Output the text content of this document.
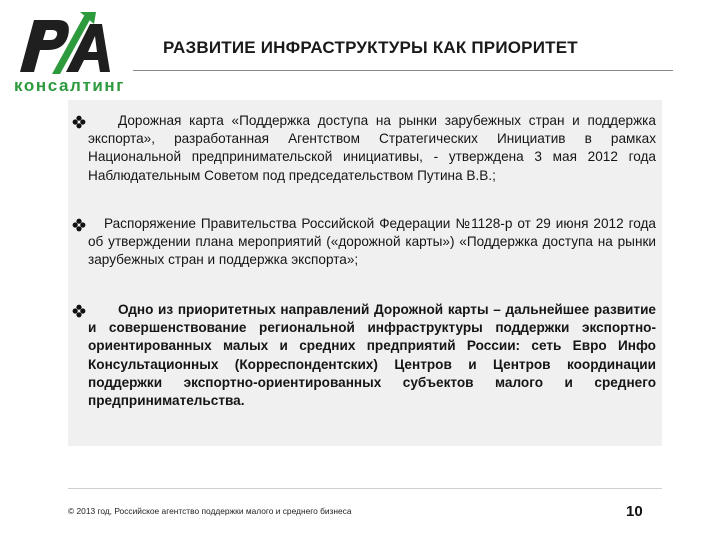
консалтинг
РАЗВИТИЕ ИНФРАСТРУКТУРЫ КАК ПРИОРИТЕТ
Дорожная карта «Поддержка доступа на рынки зарубежных стран и поддержка экспорта», разработанная Агентством Стратегических Инициатив в рамках Национальной предпринимательской инициативы, - утверждена 3 мая 2012 года Наблюдательным Советом под председательством Путина В.В.;
Распоряжение Правительства Российской Федерации №1128-р от 29 июня 2012 года об утверждении плана мероприятий («дорожной карты») «Поддержка доступа на рынки зарубежных стран и поддержка экспорта»;
Одно из приоритетных направлений Дорожной карты – дальнейшее развитие и совершенствование региональной инфраструктуры поддержки экспортно-ориентированных малых и средних предприятий России: сеть Евро Инфо Консультационных (Корреспондентских) Центров и Центров координации поддержки экспортно-ориентированных субъектов малого и среднего предпринимательства.
© 2013 год, Российское агентство поддержки малого и среднего бизнеса	10
